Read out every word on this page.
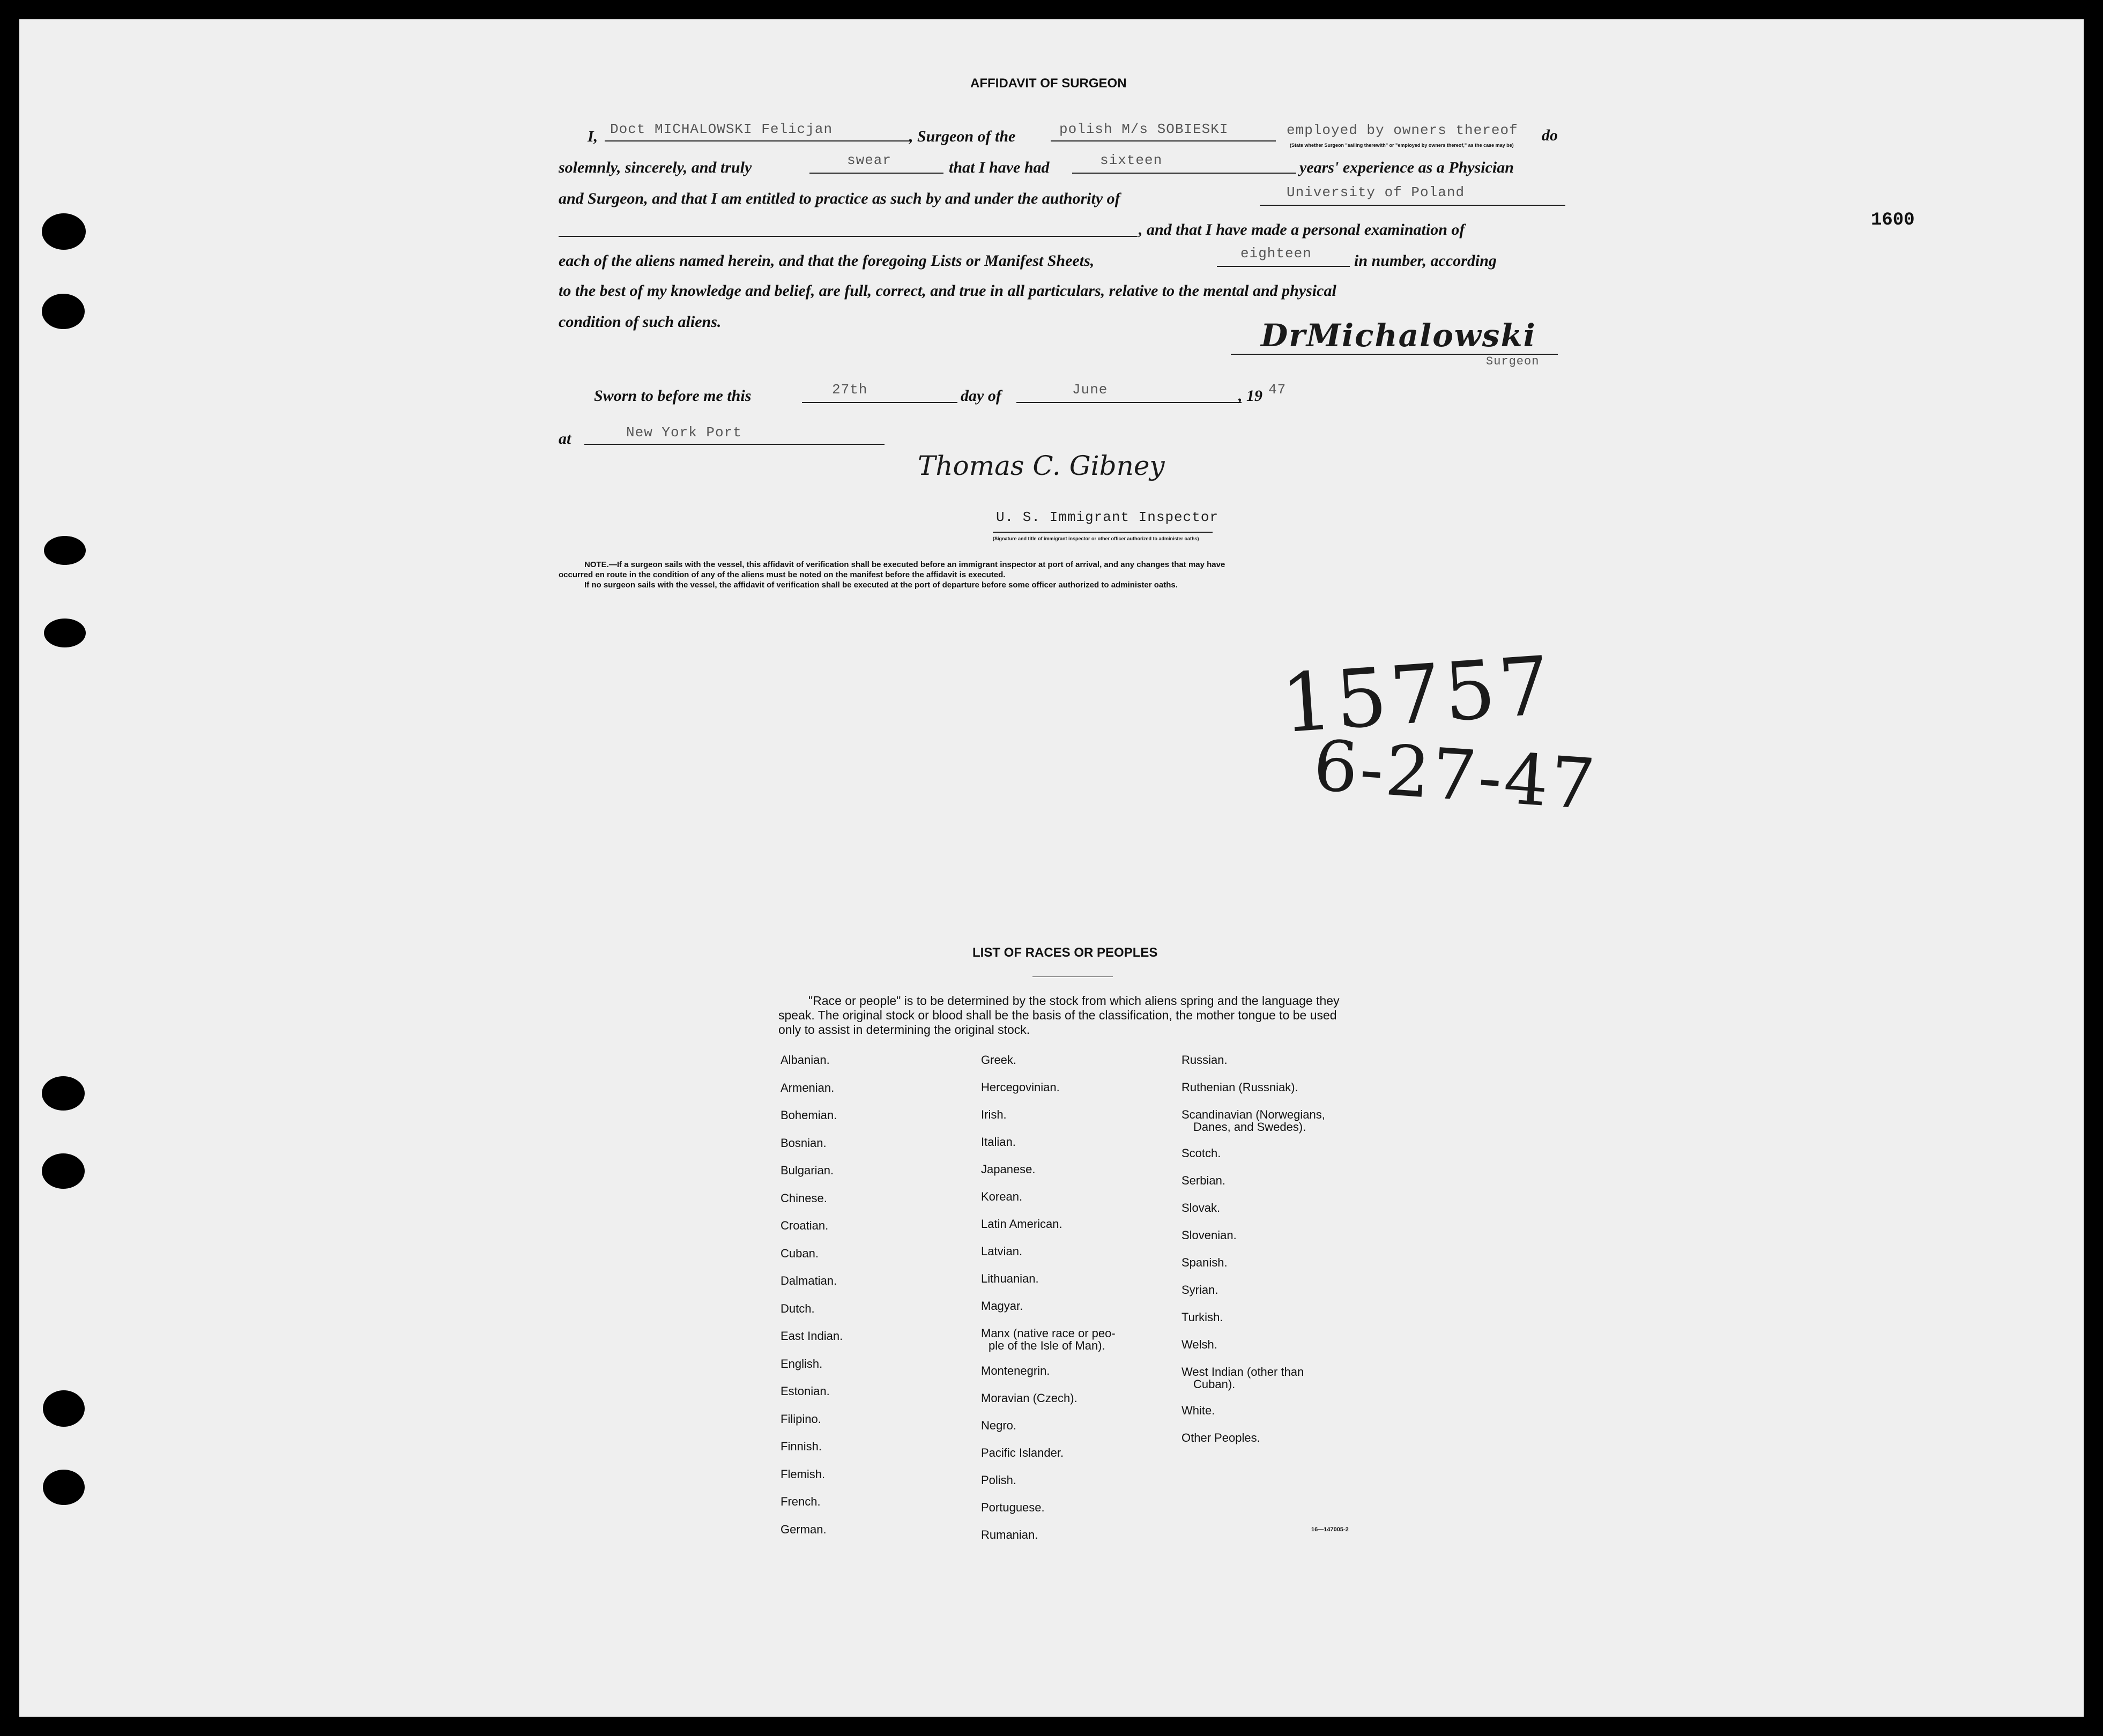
AFFIDAVIT OF SURGEON
I, Doct MICHALOWSKI Felicjan	, Surgeon of the	polish M/s SOBIESKI	employed by owners thereof do
(State whether Surgeon "sailing therewith" or "employed by owners thereof," as the case may be)
solemnly, sincerely, and truly	swear	that I have had	sixteen	years' experience as a Physician
and Surgeon, and that I am entitled to practice as such by and under the authority of	University of Poland
, and that I have made a personal examination of
each of the aliens named herein, and that the foregoing Lists or Manifest Sheets,	eighteen	in number, according
to the best of my knowledge and belief, are full, correct, and true in all particulars, relative to the mental and physical
condition of such aliens.	DrMichalowski
Surgeon
Sworn to before me this	27th	day of	June	, 19 47
at	New York Port
Thomas C. Gibney
U. S. Immigrant Inspector
(Signature and title of immigrant inspector or other officer authorized to administer oaths)
NOTE.—If a surgeon sails with the vessel, this affidavit of verification shall be executed before an immigrant inspector at port of arrival, and any changes that may have
occurred en route in the condition of any of the aliens must be noted on the manifest before the affidavit is executed.
If no surgeon sails with the vessel, the affidavit of verification shall be executed at the port of departure before some officer authorized to administer oaths.
1600
15757
6-27-47
LIST OF RACES OR PEOPLES
"Race or people" is to be determined by the stock from which aliens spring and the language they speak. The original stock or blood shall be the basis of the classification, the mother tongue to be used only to assist in determining the original stock.
Albanian.
Armenian.
Bohemian.
Bosnian.
Bulgarian.
Chinese.
Croatian.
Cuban.
Dalmatian.
Dutch.
East Indian.
English.
Estonian.
Filipino.
Finnish.
Flemish.
French.
German.
Greek.
Hercegovinian.
Irish.
Italian.
Japanese.
Korean.
Latin American.
Latvian.
Lithuanian.
Magyar.
Manx (native race or peo-
ple of the Isle of Man).
Montenegrin.
Moravian (Czech).
Negro.
Pacific Islander.
Polish.
Portuguese.
Rumanian.
Russian.
Ruthenian (Russniak).
Scandinavian (Norwegians,
Danes, and Swedes).
Scotch.
Serbian.
Slovak.
Slovenian.
Spanish.
Syrian.
Turkish.
Welsh.
West Indian (other than
Cuban).
White.
Other Peoples.
16—147005-2
